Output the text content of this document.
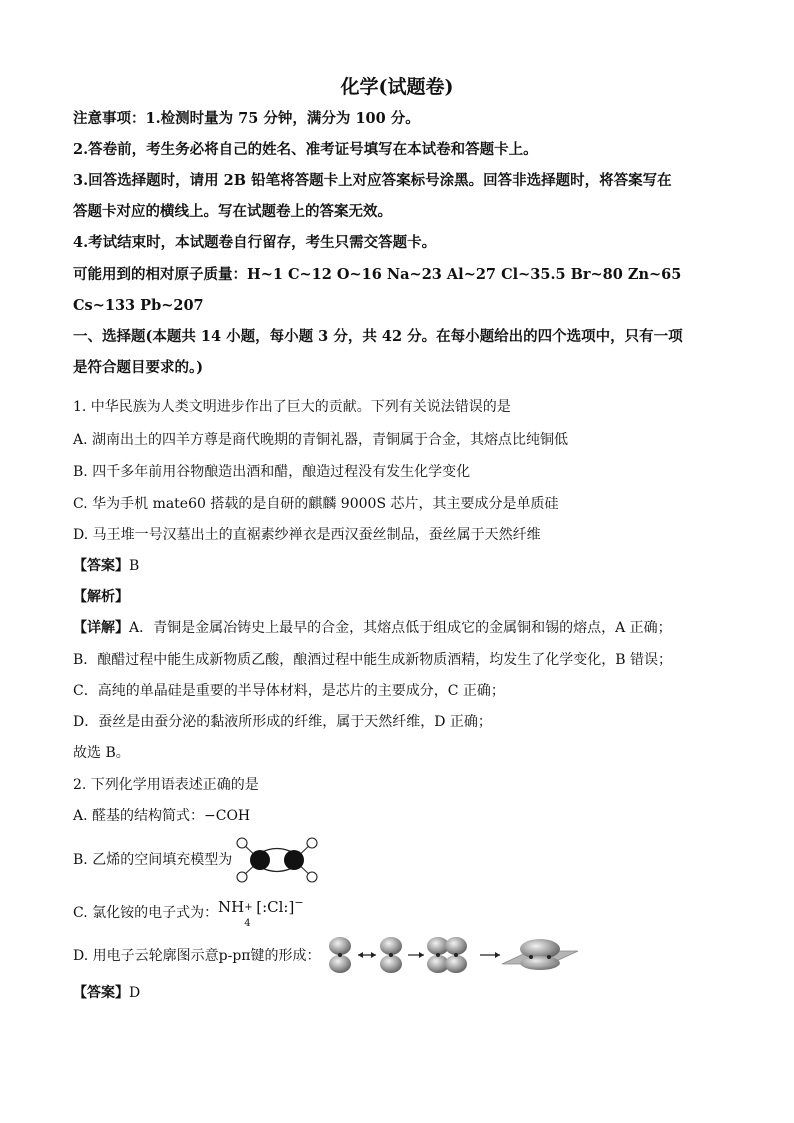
化学(试题卷)
注意事项：1.检测时量为 75 分钟，满分为 100 分。
2.答卷前，考生务必将自己的姓名、准考证号填写在本试卷和答题卡上。
3.回答选择题时，请用 2B 铅笔将答题卡上对应答案标号涂黑。回答非选择题时，将答案写在
答题卡对应的横线上。写在试题卷上的答案无效。
4.考试结束时，本试题卷自行留存，考生只需交答题卡。
可能用到的相对原子质量：H~1 C~12 O~16 Na~23 Al~27 Cl~35.5 Br~80 Zn~65
Cs~133 Pb~207
一、选择题(本题共 14 小题，每小题 3 分，共 42 分。在每小题给出的四个选项中，只有一项
是符合题目要求的。)
1. 中华民族为人类文明进步作出了巨大的贡献。下列有关说法错误的是
A. 湖南出土的四羊方尊是商代晚期的青铜礼器，青铜属于合金，其熔点比纯铜低
B. 四千多年前用谷物酿造出酒和醋，酿造过程没有发生化学变化
C. 华为手机 mate60 搭载的是自研的麒麟 9000S 芯片，其主要成分是单质硅
D. 马王堆一号汉墓出土的直裾素纱禅衣是西汉蚕丝制品，蚕丝属于天然纤维
【答案】B
【解析】
【详解】A．青铜是金属冶铸史上最早的合金，其熔点低于组成它的金属铜和锡的熔点，A 正确；
B．酿醋过程中能生成新物质乙酸，酿酒过程中能生成新物质酒精，均发生了化学变化，B 错误；
C．高纯的单晶硅是重要的半导体材料，是芯片的主要成分，C 正确；
D．蚕丝是由蚕分泌的黏液所形成的纤维，属于天然纤维，D 正确；
故选 B。
2. 下列化学用语表述正确的是
A. 醛基的结构简式：−COH
B. 乙烯的空间填充模型为
C. 氯化铵的电子式为： NH +
4
[:Cl:]−
D. 用电子云轮廓图示意p-pπ键的形成：
【答案】D
